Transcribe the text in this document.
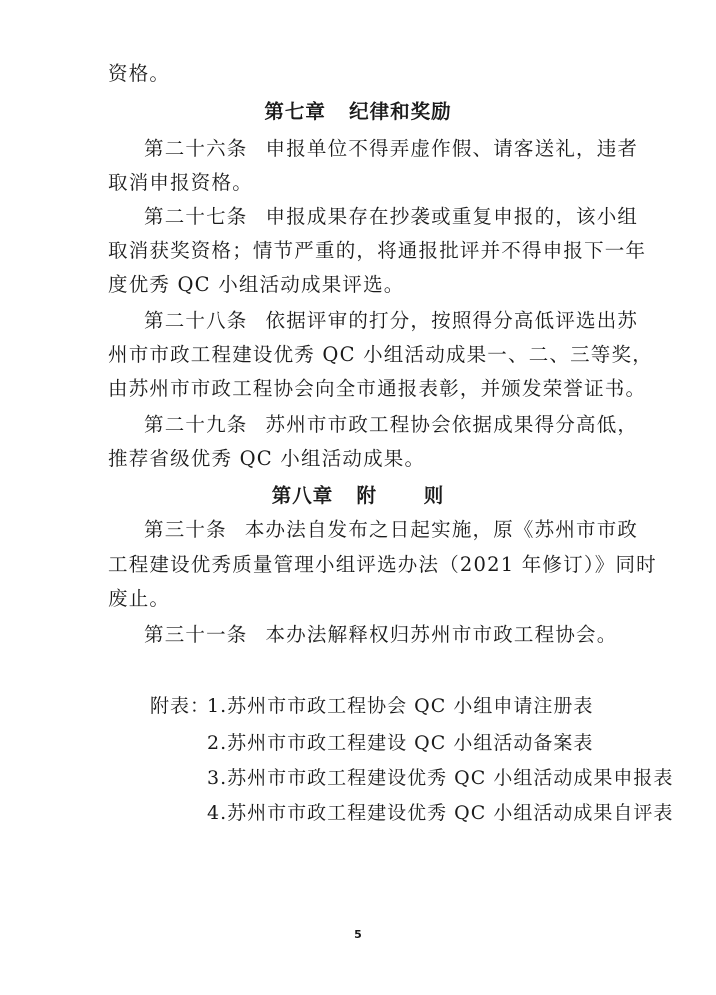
资格。
第七章   纪律和奖励
第二十六条 申报单位不得弄虚作假、请客送礼，违者
取消申报资格。
第二十七条 申报成果存在抄袭或重复申报的，该小组
取消获奖资格；情节严重的，将通报批评并不得申报下一年
度优秀 QC 小组活动成果评选。
第二十八条 依据评审的打分，按照得分高低评选出苏
州市市政工程建设优秀 QC 小组活动成果一、二、三等奖，
由苏州市市政工程协会向全市通报表彰，并颁发荣誉证书。
第二十九条 苏州市市政工程协会依据成果得分高低，
推荐省级优秀 QC 小组活动成果。
第八章   附      则
第三十条 本办法自发布之日起实施，原《苏州市市政
工程建设优秀质量管理小组评选办法（2021 年修订）》同时
废止。
第三十一条 本办法解释权归苏州市市政工程协会。
附表：
1.苏州市市政工程协会 QC 小组申请注册表
2.苏州市市政工程建设 QC 小组活动备案表
3.苏州市市政工程建设优秀 QC 小组活动成果申报表
4.苏州市市政工程建设优秀 QC 小组活动成果自评表
5
